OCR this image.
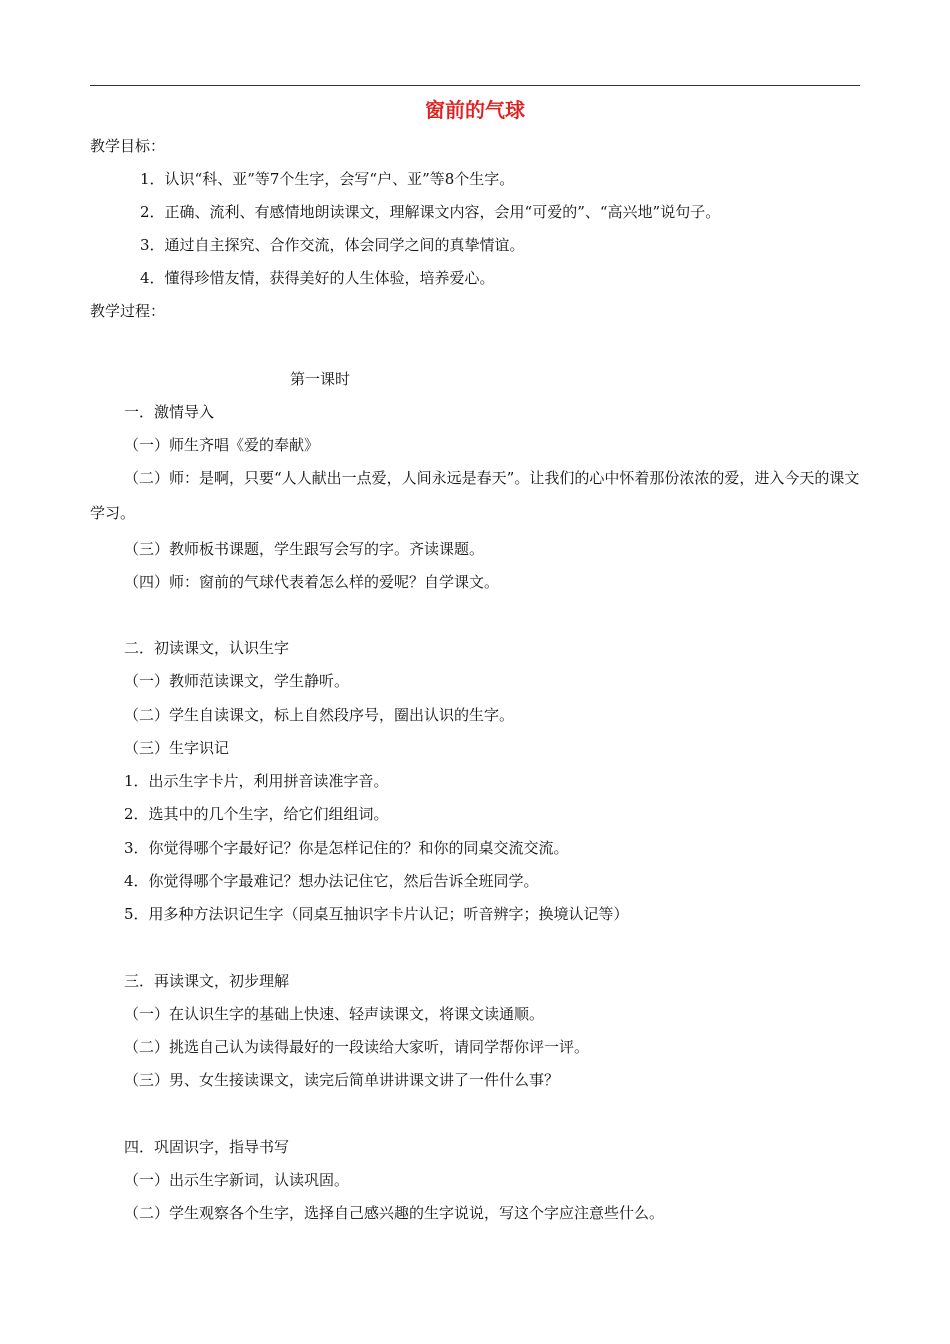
窗前的气球
教学目标：
1．认识“科、亚”等7个生字，会写“户、亚”等8个生字。
2．正确、流利、有感情地朗读课文，理解课文内容，会用“可爱的”、“高兴地”说句子。
3．通过自主探究、合作交流，体会同学之间的真挚情谊。
4．懂得珍惜友情，获得美好的人生体验，培养爱心。
教学过程：
第一课时
一．激情导入
（一）师生齐唱《爱的奉献》
（二）师：是啊，只要“人人献出一点爱，人间永远是春天”。让我们的心中怀着那份浓浓的爱，进入今天的课文学习。
（三）教师板书课题，学生跟写会写的字。齐读课题。
（四）师：窗前的气球代表着怎么样的爱呢？自学课文。
二．初读课文，认识生字
（一）教师范读课文，学生静听。
（二）学生自读课文，标上自然段序号，圈出认识的生字。
（三）生字识记
1．出示生字卡片，利用拼音读准字音。
2．选其中的几个生字，给它们组组词。
3．你觉得哪个字最好记？你是怎样记住的？和你的同桌交流交流。
4．你觉得哪个字最难记？想办法记住它，然后告诉全班同学。
5．用多种方法识记生字（同桌互抽识字卡片认记；听音辨字；换境认记等）
三．再读课文，初步理解
（一）在认识生字的基础上快速、轻声读课文，将课文读通顺。
（二）挑选自己认为读得最好的一段读给大家听，请同学帮你评一评。
（三）男、女生接读课文，读完后简单讲讲课文讲了一件什么事？
四．巩固识字，指导书写
（一）出示生字新词，认读巩固。
（二）学生观察各个生字，选择自己感兴趣的生字说说，写这个字应注意些什么。
